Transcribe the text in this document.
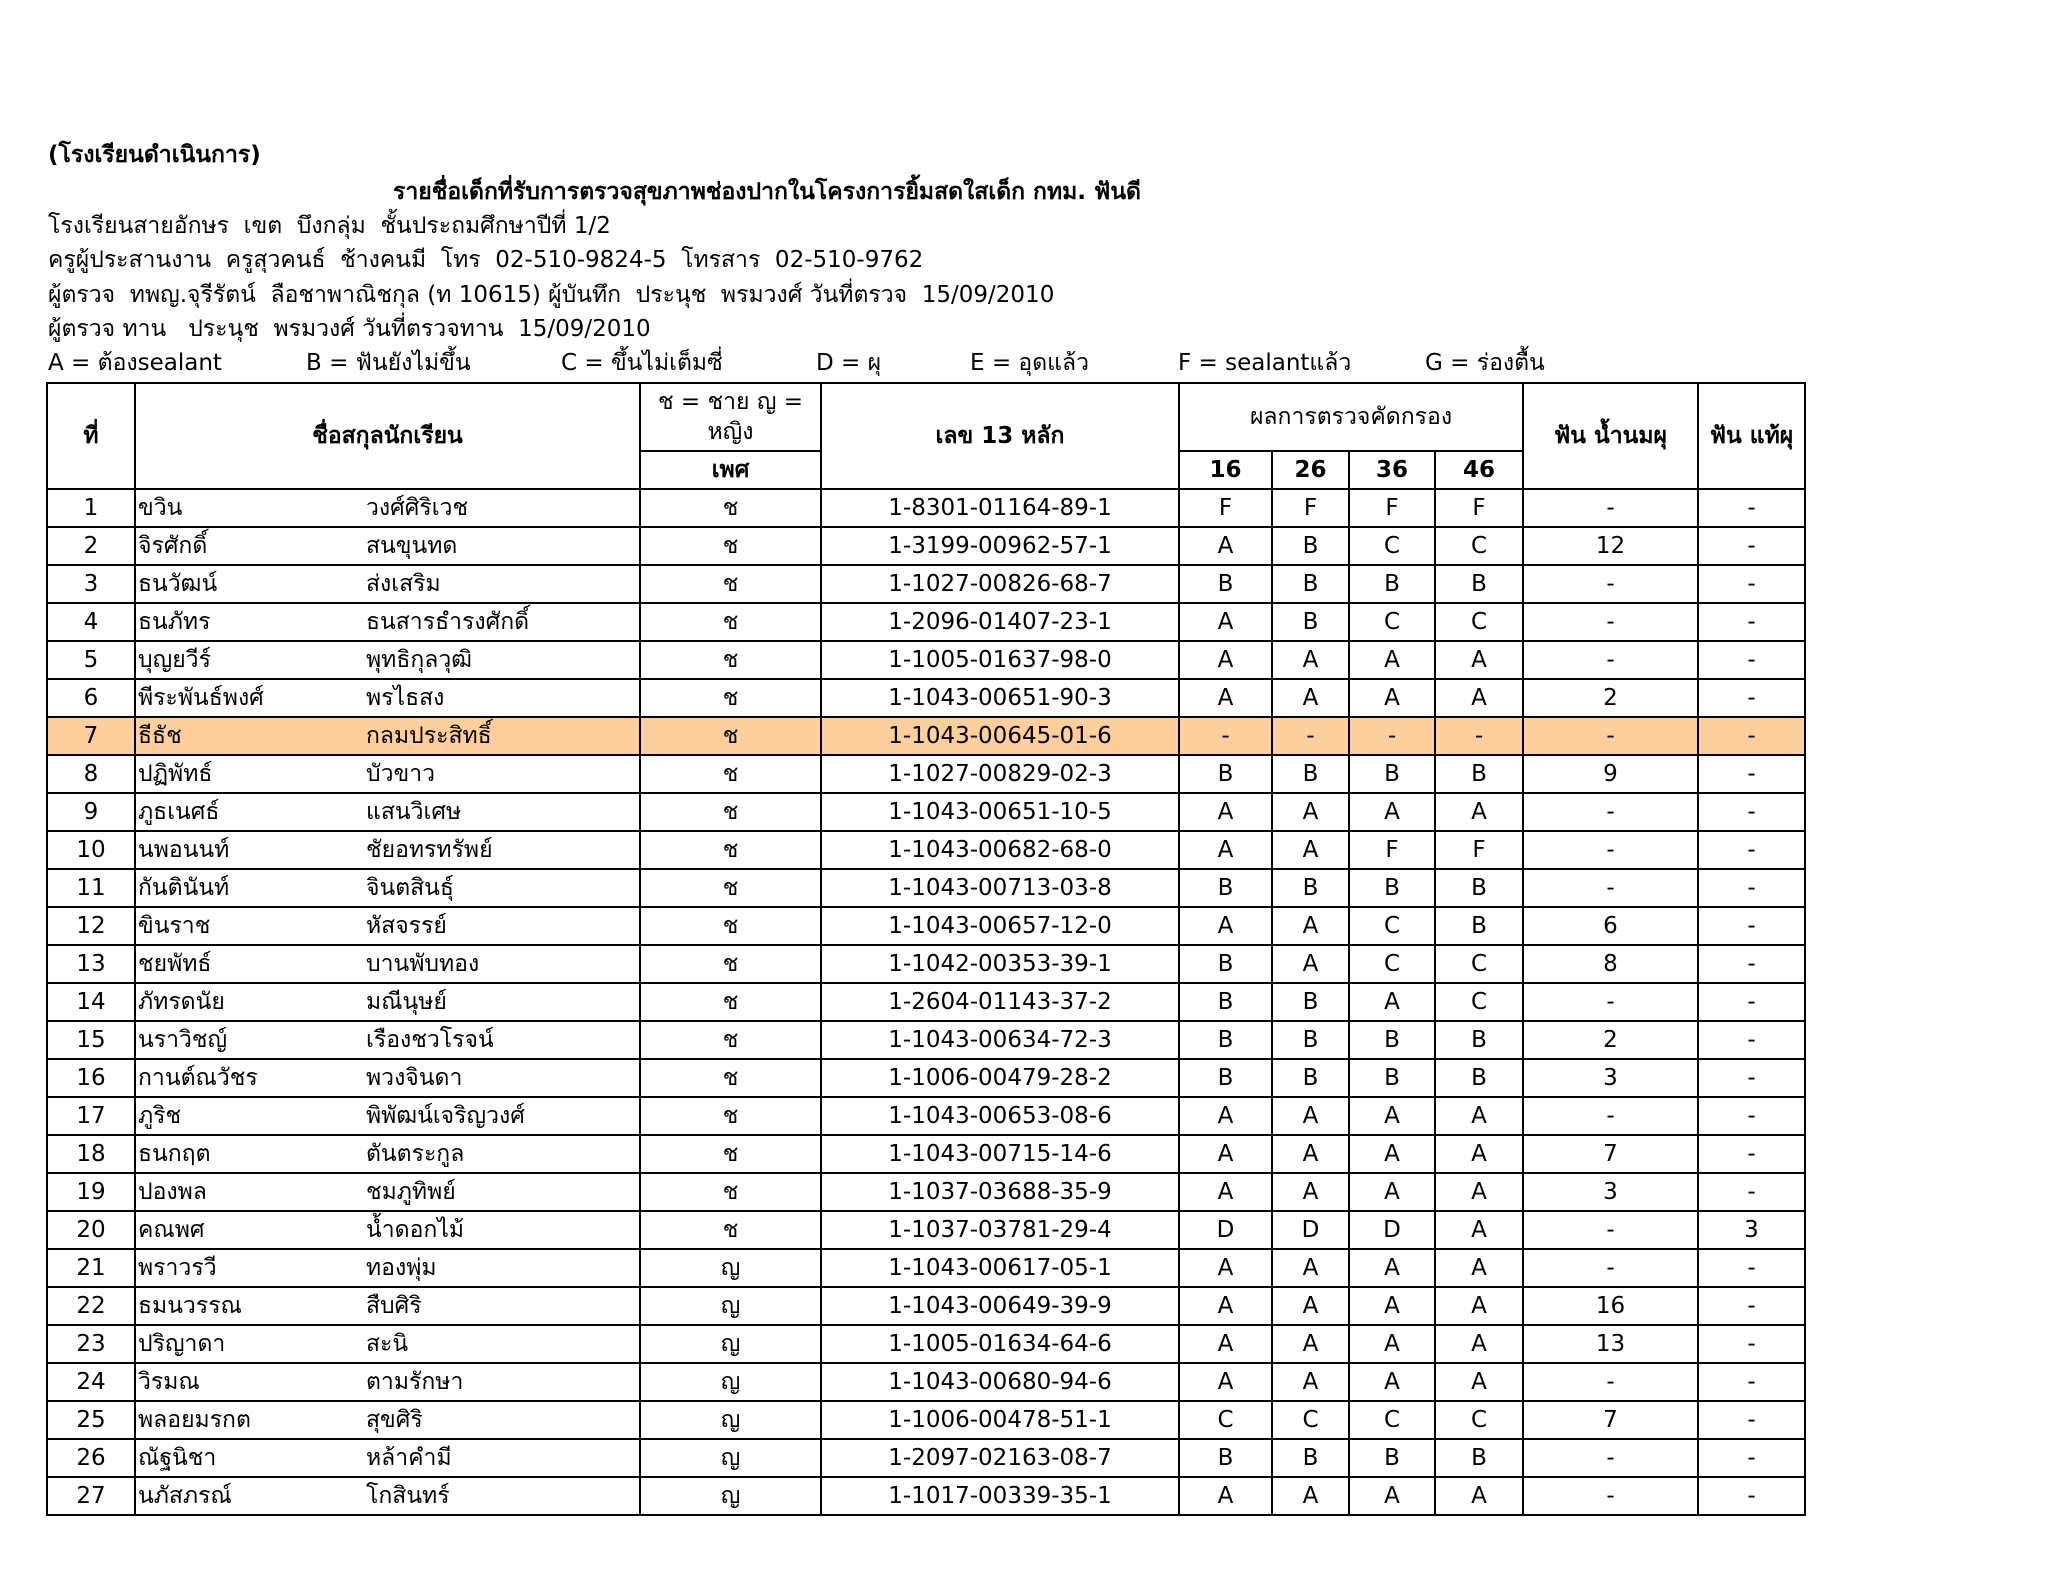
(โรงเรียนดำเนินการ)
รายชื่อเด็กที่รับการตรวจสุขภาพช่องปากในโครงการยิ้มสดใสเด็ก กทม. ฟันดี
โรงเรียนสายอักษร  เขต  บึงกลุ่ม  ชั้นประถมศึกษาปีที่ 1/2
ครูผู้ประสานงาน  ครูสุวคนธ์  ช้างคนมี  โทร  02-510-9824-5  โทรสาร  02-510-9762
ผู้ตรวจ  ทพญ.จุรีรัตน์  ลือชาพาณิชกุล (ท 10615) ผู้บันทึก  ประนุช  พรมวงศ์ วันที่ตรวจ  15/09/2010
ผู้ตรวจ ทาน   ประนุช  พรมวงศ์ วันที่ตรวจทาน  15/09/2010
A = ต้องsealant	B = ฟันยังไม่ขึ้น	C = ขึ้นไม่เต็มซี่	D = ผุ	E = อุดแล้ว	F = sealantแล้ว	G = ร่องตื้น
ที่	ชื่อสกุลนักเรียน	ช = ชาย ญ = หญิง	เลข 13 หลัก	ผลการตรวจคัดกรอง				ฟัน น้ำนมผุ	ฟัน แท้ผุ
		เพศ		16	26	36	46		
1	ขวิน วงศ์ศิริเวช	ช	1-8301-01164-89-1	F	F	F	F	-	-
2	จิรศักดิ์ สนขุนทด	ช	1-3199-00962-57-1	A	B	C	C	12	-
3	ธนวัฒน์ ส่งเสริม	ช	1-1027-00826-68-7	B	B	B	B	-	-
4	ธนภัทร ธนสารธำรงศักดิ์	ช	1-2096-01407-23-1	A	B	C	C	-	-
5	บุญยวีร์ พุทธิกุลวุฒิ	ช	1-1005-01637-98-0	A	A	A	A	-	-
6	พีระพันธ์พงศ์ พรไธสง	ช	1-1043-00651-90-3	A	A	A	A	2	-
7	ธีธัช กลมประสิทธิ์	ช	1-1043-00645-01-6	-	-	-	-	-	-
8	ปฏิพัทธ์ บัวขาว	ช	1-1027-00829-02-3	B	B	B	B	9	-
9	ภูธเนศธ์ แสนวิเศษ	ช	1-1043-00651-10-5	A	A	A	A	-	-
10	นพอนนท์ ชัยอทรทรัพย์	ช	1-1043-00682-68-0	A	A	F	F	-	-
11	กันตินันท์ จินตสินธุ์	ช	1-1043-00713-03-8	B	B	B	B	-	-
12	ขินราช หัสจรรย์	ช	1-1043-00657-12-0	A	A	C	B	6	-
13	ชยพัทธ์ บานพับทอง	ช	1-1042-00353-39-1	B	A	C	C	8	-
14	ภัทรดนัย มณีนุษย์	ช	1-2604-01143-37-2	B	B	A	C	-	-
15	นราวิชญ์ เรืองชวโรจน์	ช	1-1043-00634-72-3	B	B	B	B	2	-
16	กานต์ณวัชร พวงจินดา	ช	1-1006-00479-28-2	B	B	B	B	3	-
17	ภูริช พิพัฒน์เจริญวงศ์	ช	1-1043-00653-08-6	A	A	A	A	-	-
18	ธนกฤต ตันตระกูล	ช	1-1043-00715-14-6	A	A	A	A	7	-
19	ปองพล ชมภูทิพย์	ช	1-1037-03688-35-9	A	A	A	A	3	-
20	คณพศ น้ำดอกไม้	ช	1-1037-03781-29-4	D	D	D	A	-	3
21	พราวรวี ทองพุ่ม	ญ	1-1043-00617-05-1	A	A	A	A	-	-
22	ธมนวรรณ สืบศิริ	ญ	1-1043-00649-39-9	A	A	A	A	16	-
23	ปริญาดา สะนิ	ญ	1-1005-01634-64-6	A	A	A	A	13	-
24	วิรมณ ตามรักษา	ญ	1-1043-00680-94-6	A	A	A	A	-	-
25	พลอยมรกต สุขศิริ	ญ	1-1006-00478-51-1	C	C	C	C	7	-
26	ณัฐนิชา หล้าคำมี	ญ	1-2097-02163-08-7	B	B	B	B	-	-
27	นภัสภรณ์ โกสินทร์	ญ	1-1017-00339-35-1	A	A	A	A	-	-
